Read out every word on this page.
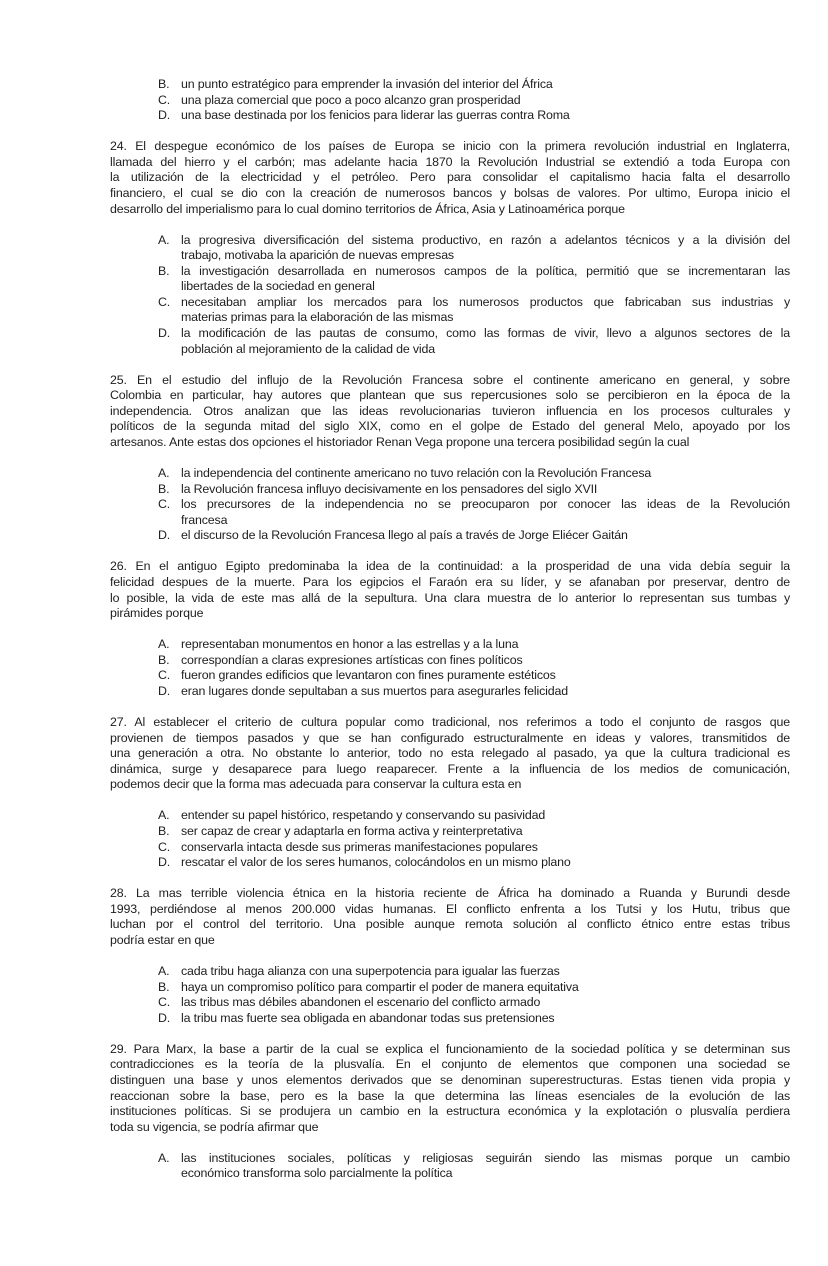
B. un punto estratégico para emprender la invasión del interior del África
C. una plaza comercial que poco a poco alcanzo gran prosperidad
D. una base destinada por los fenicios para liderar las guerras contra Roma
24. El despegue económico de los países de Europa se inicio con la primera revolución industrial en Inglaterra,
llamada del hierro y el carbón; mas adelante hacia 1870 la Revolución Industrial se extendió a toda Europa con
la utilización de la electricidad y el petróleo. Pero para consolidar el capitalismo hacia falta el desarrollo
financiero, el cual se dio con la creación de numerosos bancos y bolsas de valores. Por ultimo, Europa inicio el
desarrollo del imperialismo para lo cual domino territorios de África, Asia y Latinoamérica porque
A. la progresiva diversificación del sistema productivo, en razón a adelantos técnicos y a la división del
trabajo, motivaba la aparición de nuevas empresas
B. la investigación desarrollada en numerosos campos de la política, permitió que se incrementaran las
libertades de la sociedad en general
C. necesitaban ampliar los mercados para los numerosos productos que fabricaban sus industrias y
materias primas para la elaboración de las mismas
D. la modificación de las pautas de consumo, como las formas de vivir, llevo a algunos sectores de la
población al mejoramiento de la calidad de vida
25. En el estudio del influjo de la Revolución Francesa sobre el continente americano en general, y sobre
Colombia en particular, hay autores que plantean que sus repercusiones solo se percibieron en la época de la
independencia. Otros analizan que las ideas revolucionarias tuvieron influencia en los procesos culturales y
políticos de la segunda mitad del siglo XIX, como en el golpe de Estado del general Melo, apoyado por los
artesanos. Ante estas dos opciones el historiador Renan Vega propone una tercera posibilidad según la cual
A. la independencia del continente americano no tuvo relación con la Revolución Francesa
B. la Revolución francesa influyo decisivamente en los pensadores del siglo XVII
C. los precursores de la independencia no se preocuparon por conocer las ideas de la Revolución
francesa
D. el discurso de la Revolución Francesa llego al país a través de Jorge Eliécer Gaitán
26. En el antiguo Egipto predominaba la idea de la continuidad: a la prosperidad de una vida debía seguir la
felicidad despues de la muerte. Para los egipcios el Faraón era su líder, y se afanaban por preservar, dentro de
lo posible, la vida de este mas allá de la sepultura. Una clara muestra de lo anterior lo representan sus tumbas y
pirámides porque
A. representaban monumentos en honor a las estrellas y a la luna
B. correspondían a claras expresiones artísticas con fines políticos
C. fueron grandes edificios que levantaron con fines puramente estéticos
D. eran lugares donde sepultaban a sus muertos para asegurarles felicidad
27. Al establecer el criterio de cultura popular como tradicional, nos referimos a todo el conjunto de rasgos que
provienen de tiempos pasados y que se han configurado estructuralmente en ideas y valores, transmitidos de
una generación a otra. No obstante lo anterior, todo no esta relegado al pasado, ya que la cultura tradicional es
dinámica, surge y desaparece para luego reaparecer. Frente a la influencia de los medios de comunicación,
podemos decir que la forma mas adecuada para conservar la cultura esta en
A. entender su papel histórico, respetando y conservando su pasividad
B. ser capaz de crear y adaptarla en forma activa y reinterpretativa
C. conservarla intacta desde sus primeras manifestaciones populares
D. rescatar el valor de los seres humanos, colocándolos en un mismo plano
28. La mas terrible violencia étnica en la historia reciente de África ha dominado a Ruanda y Burundi desde
1993, perdiéndose al menos 200.000 vidas humanas. El conflicto enfrenta a los Tutsi y los Hutu, tribus que
luchan por el control del territorio. Una posible aunque remota solución al conflicto étnico entre estas tribus
podría estar en que
A. cada tribu haga alianza con una superpotencia para igualar las fuerzas
B. haya un compromiso político para compartir el poder de manera equitativa
C. las tribus mas débiles abandonen el escenario del conflicto armado
D. la tribu mas fuerte sea obligada en abandonar todas sus pretensiones
29. Para Marx, la base a partir de la cual se explica el funcionamiento de la sociedad política y se determinan sus
contradicciones es la teoría de la plusvalía. En el conjunto de elementos que componen una sociedad se
distinguen una base y unos elementos derivados que se denominan superestructuras. Estas tienen vida propia y
reaccionan sobre la base, pero es la base la que determina las líneas esenciales de la evolución de las
instituciones políticas. Si se produjera un cambio en la estructura económica y la explotación o plusvalía perdiera
toda su vigencia, se podría afirmar que
A. las instituciones sociales, políticas y religiosas seguirán siendo las mismas porque un cambio
económico transforma solo parcialmente la política
